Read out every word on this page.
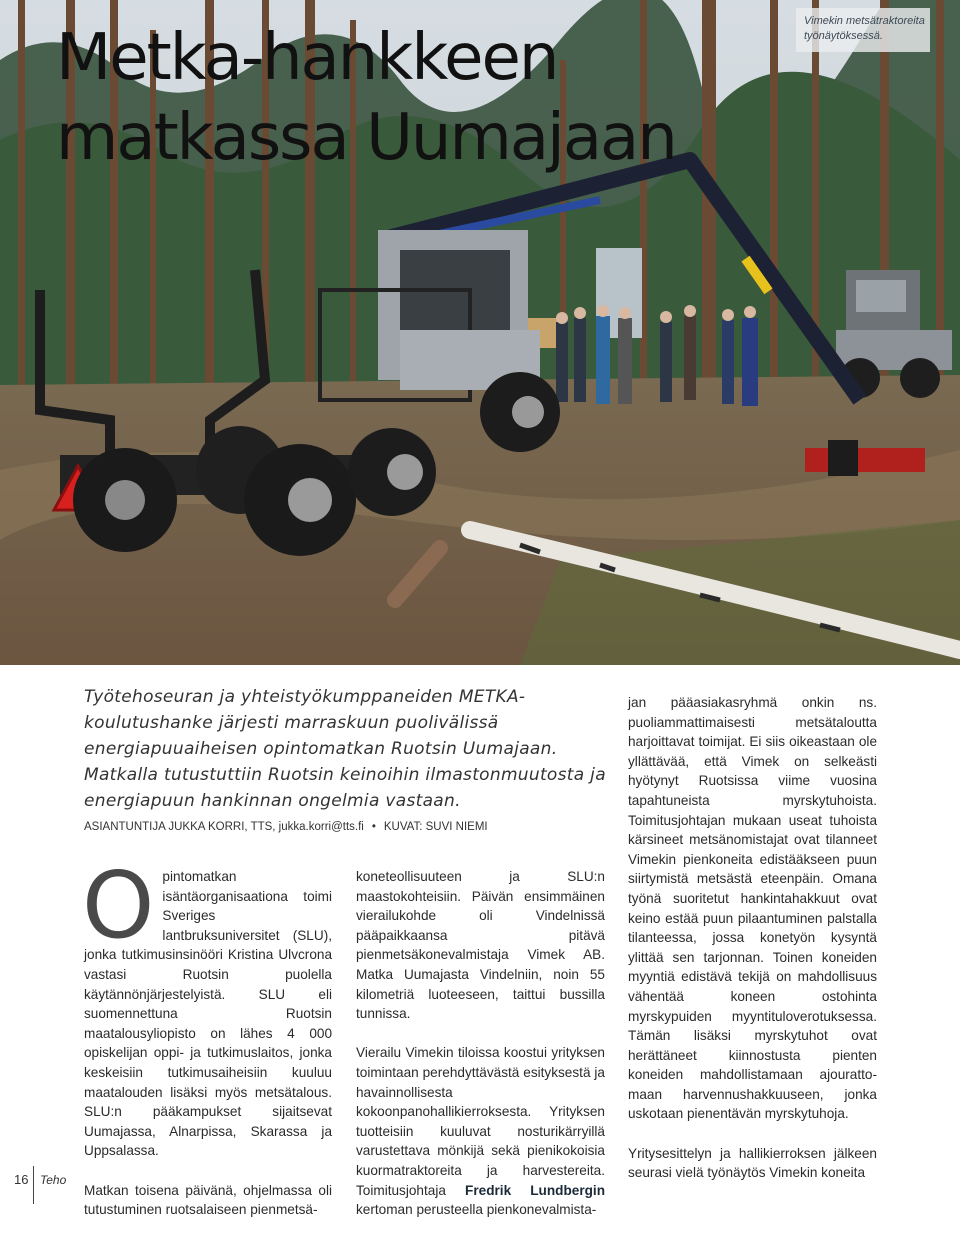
Metka-hankkeen
matkassa Uumajaan
Vimekin metsätraktoreita työnäytöksessä.

Työtehoseuran ja yhteistyökumppaneiden METKA-koulutushanke järjesti marraskuun puolivälissä energiapuuaiheisen opintomatkan Ruotsin Uumajaan. Matkalla tutustuttiin Ruotsin keinoihin ilmastonmuutosta ja energiapuun hankinnan ongelmia vastaan.

ASIANTUNTIJA JUKKA KORRI, TTS, jukka.korri@tts.fi • KUVAT: SUVI NIEMI

Opintomatkan isäntäorganisaationa toimi Sveriges lantbruksuniversitet (SLU), jonka tutkimusinsinööri Kristina Ulvcrona vastasi Ruotsin puolella käytännönjärjestelyistä. SLU eli suomennettuna Ruotsin maatalousyliopisto on lähes 4 000 opiskelijan oppi- ja tutkimuslaitos, jonka keskeisiin tutkimusaiheisiin kuuluu maatalouden lisäksi myös metsätalous. SLU:n pääkampukset sijaitsevat Uumajassa, Alnarpissa, Skarassa ja Uppsalassa.

Matkan toisena päivänä, ohjelmassa oli tutustuminen ruotsalaiseen pienmetsä-

koneteollisuuteen ja SLU:n maastokohteisiin. Päivän ensimmäinen vierailukohde oli Vindelnissä pääpaikkaansa pitävä pienmetsäkonevalmistaja Vimek AB. Matka Uumajasta Vindelniin, noin 55 kilometriä luoteeseen, taittui bussilla tunnissa.

Vierailu Vimekin tiloissa koostui yrityksen toimintaan perehdyttävästä esityksestä ja havainnollisesta kokoonpanohallikierroksesta. Yrityksen tuotteisiin kuuluvat nosturikärryillä varustettava mönkijä sekä pienikokoisia kuormatraktoreita ja harvestereita. Toimitusjohtaja Fredrik Lundbergin kertoman perusteella pienkonevalmista-

jan pääasiakasryhmä onkin ns. puoliammattimaisesti metsätaloutta harjoittavat toimijat. Ei siis oikeastaan ole yllättävää, että Vimek on selkeästi hyötynyt Ruotsissa viime vuosina tapahtuneista myrskytuhoista. Toimitusjohtajan mukaan useat tuhoista kärsineet metsänomistajat ovat tilanneet Vimekin pienkoneita edistääkseen puun siirtymistä metsästä eteenpäin. Omana työnä suoritetut hankintahakkuut ovat keino estää puun pilaantuminen palstalla tilanteessa, jossa konetyön kysyntä ylittää sen tarjonnan. Toinen koneiden myyntiä edistävä tekijä on mahdollisuus vähentää koneen ostohinta myrskypuiden myyntituloverotuksessa. Tämän lisäksi myrskytuhot ovat herättäneet kiinnostusta pienten koneiden mahdollistamaan ajourattomaan harvennushakkuuseen, jonka uskotaan pienentävän myrskytuhoja.

Yritysesittelyn ja hallikierroksen jälkeen seurasi vielä työnäytös Vimekin koneita

16 Teho
